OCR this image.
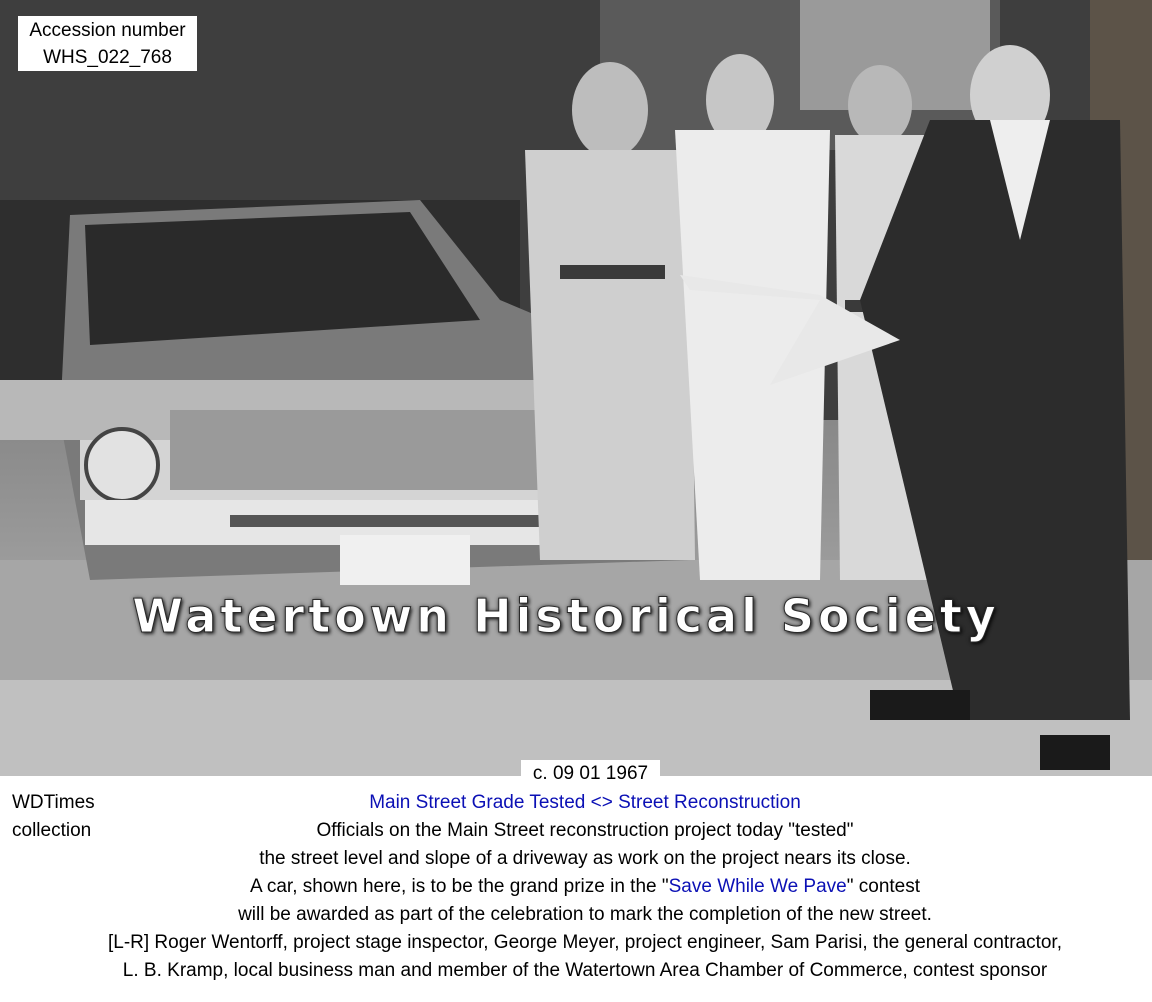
Accession number
WHS_022_768
Watertown Historical Society
c. 09 01 1967
WDTimes
collection
Main Street Grade Tested <> Street Reconstruction
Officials on the Main Street reconstruction project today "tested"
the street level and slope of a driveway as work on the project nears its close.
A car, shown here, is to be the grand prize in the "Save While We Pave" contest
will be awarded as part of the celebration to mark the completion of the new street.
[L-R] Roger Wentorff, project stage inspector, George Meyer, project engineer, Sam Parisi, the general contractor,
L. B. Kramp, local business man and member of the Watertown Area Chamber of Commerce, contest sponsor
